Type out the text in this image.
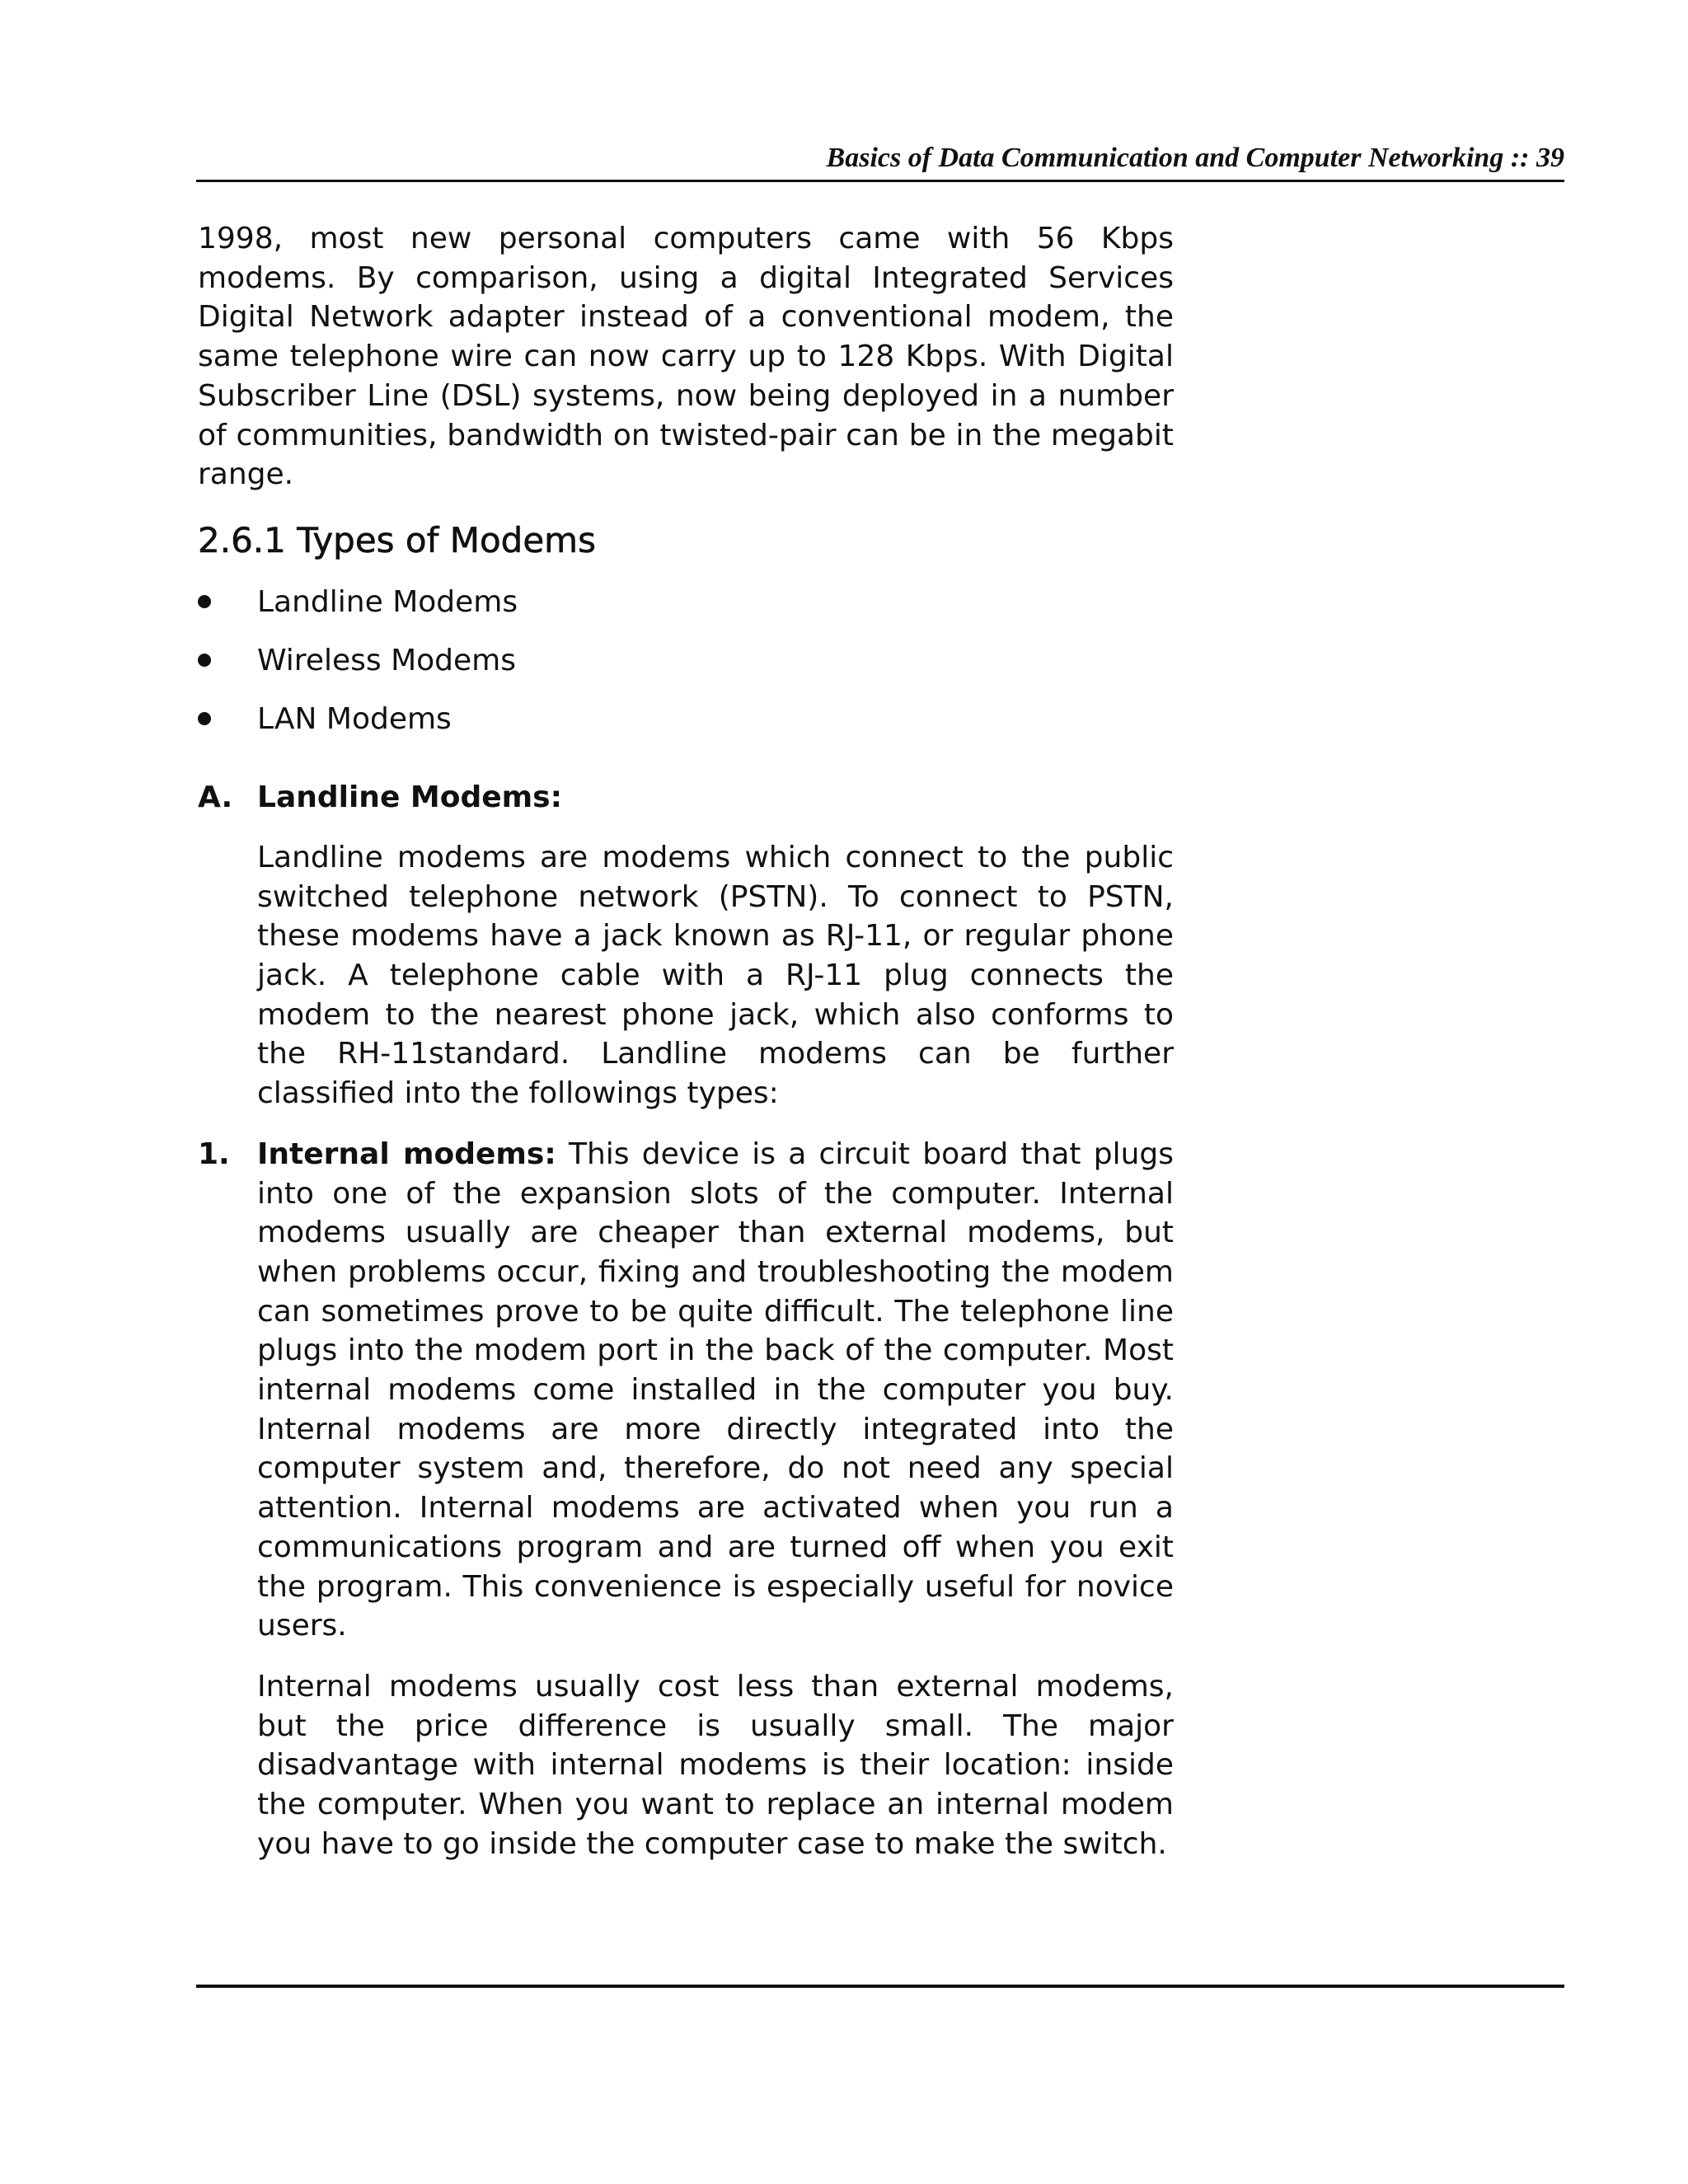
Basics of Data Communication and Computer Networking :: 39

1998, most new personal computers came with 56 Kbps modems. By comparison, using a digital Integrated Services Digital Network adapter instead of a conventional modem, the same telephone wire can now carry up to 128 Kbps. With Digital Subscriber Line (DSL) systems, now being deployed in a number of communities, bandwidth on twisted-pair can be in the megabit range.

2.6.1 Types of Modems
Landline Modems
Wireless Modems
LAN Modems
A. Landline Modems:

Landline modems are modems which connect to the public switched telephone network (PSTN). To connect to PSTN, these modems have a jack known as RJ-11, or regular phone jack. A telephone cable with a RJ-11 plug connects the modem to the nearest phone jack, which also conforms to the RH-11standard. Landline modems can be further classified into the followings types:

1. Internal modems: This device is a circuit board that plugs into one of the expansion slots of the computer. Internal modems usually are cheaper than external modems, but when problems occur, fixing and troubleshooting the modem can sometimes prove to be quite difficult. The telephone line plugs into the modem port in the back of the computer. Most internal modems come installed in the computer you buy. Internal modems are more directly integrated into the computer system and, therefore, do not need any special attention. Internal modems are activated when you run a communications program and are turned off when you exit the program. This convenience is especially useful for novice users.

Internal modems usually cost less than external modems, but the price difference is usually small. The major disadvantage with internal modems is their location: inside the computer. When you want to replace an internal modem you have to go inside the computer case to make the switch.
